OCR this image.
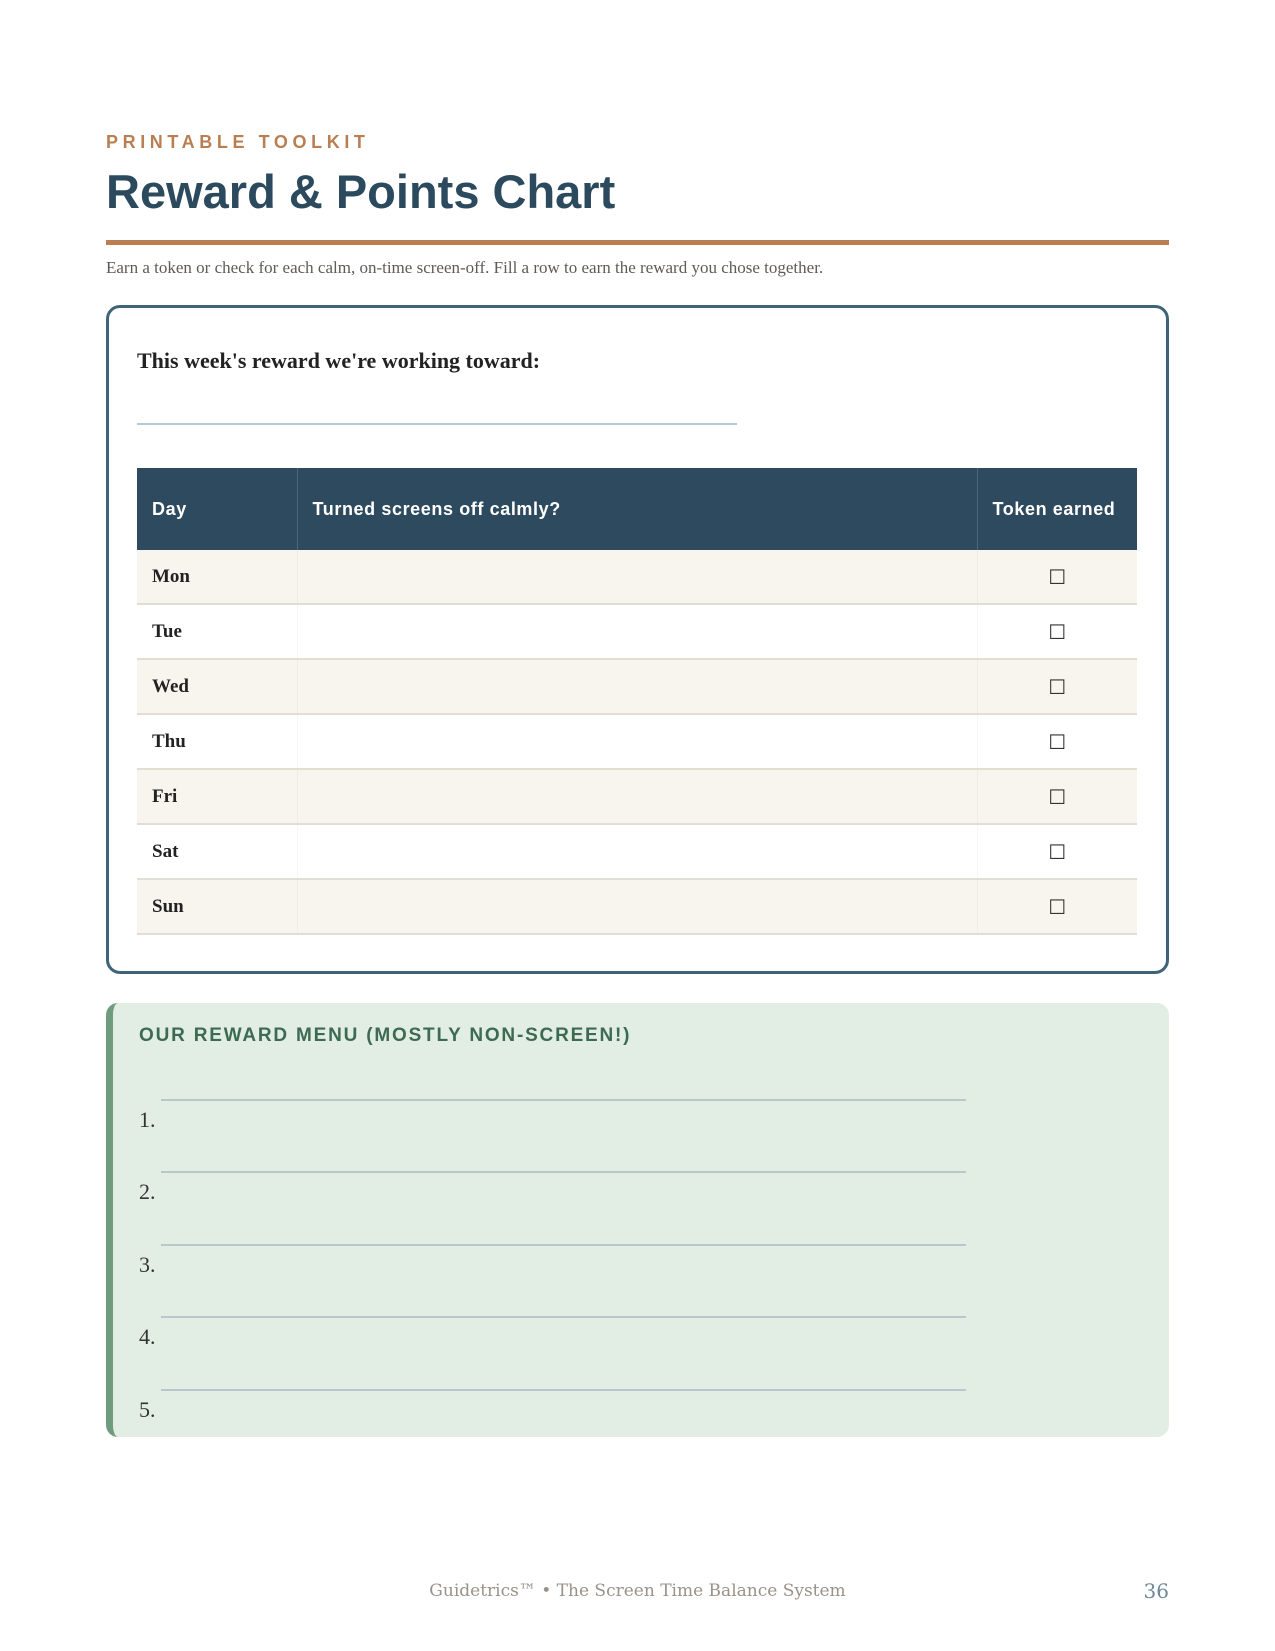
PRINTABLE TOOLKIT
Reward & Points Chart
Earn a token or check for each calm, on-time screen-off. Fill a row to earn the reward you chose together.
This week's reward we're working toward:
Day	Turned screens off calmly?	Token earned
Mon		☐
Tue		☐
Wed		☐
Thu		☐
Fri		☐
Sat		☐
Sun		☐
OUR REWARD MENU (MOSTLY NON-SCREEN!)
1.
2.
3.
4.
5.
Guidetrics™ • The Screen Time Balance System	36
